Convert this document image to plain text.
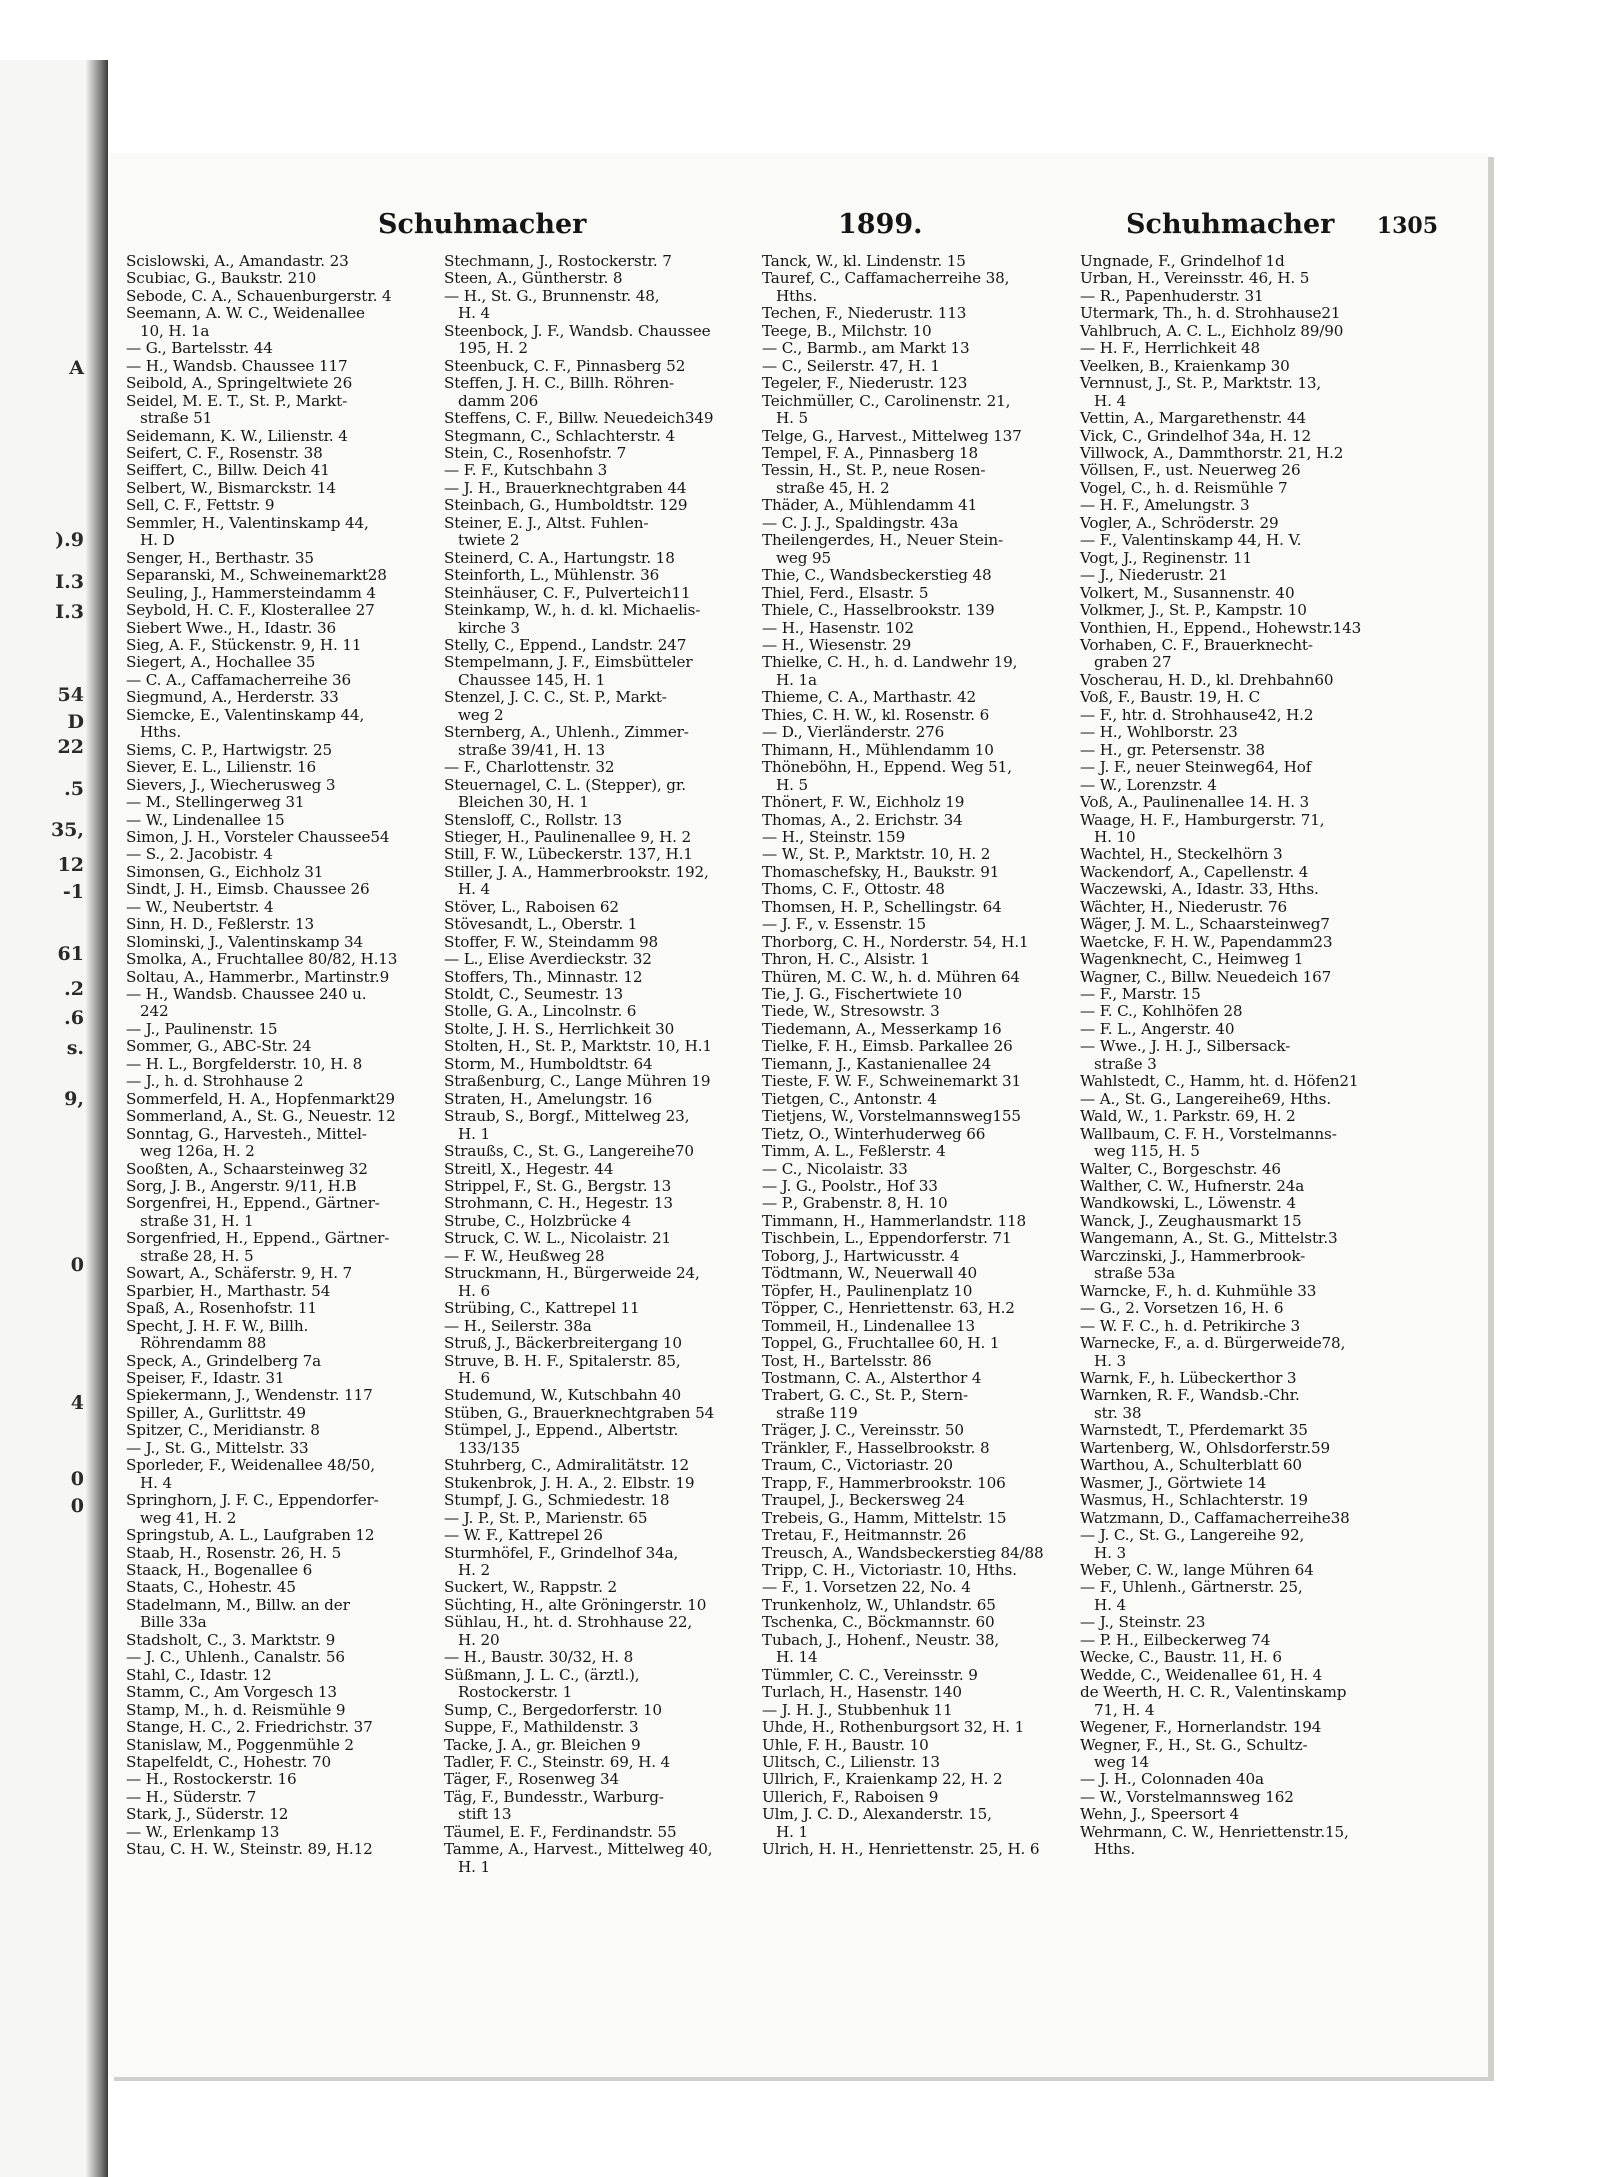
A
).9
I.3
I.3
54
D
22
.5
35,
12
-1
61
.2
.6
s.
9,
0
4
0
0
Schuhmacher	1899.	Schuhmacher 1305
Scislowski, A., Amandastr. 23
Scubiac, G., Baukstr. 210
Sebode, C. A., Schauenburgerstr. 4
Seemann, A. W. C., Weidenallee
10, H. 1a
— G., Bartelsstr. 44
— H., Wandsb. Chaussee 117
Seibold, A., Springeltwiete 26
Seidel, M. E. T., St. P., Markt-
straße 51
Seidemann, K. W., Lilienstr. 4
Seifert, C. F., Rosenstr. 38
Seiffert, C., Billw. Deich 41
Selbert, W., Bismarckstr. 14
Sell, C. F., Fettstr. 9
Semmler, H., Valentinskamp 44,
H. D
Senger, H., Berthastr. 35
Separanski, M., Schweinemarkt28
Seuling, J., Hammersteindamm 4
Seybold, H. C. F., Klosterallee 27
Siebert Wwe., H., Idastr. 36
Sieg, A. F., Stückenstr. 9, H. 11
Siegert, A., Hochallee 35
— C. A., Caffamacherreihe 36
Siegmund, A., Herderstr. 33
Siemcke, E., Valentinskamp 44,
Hths.
Siems, C. P., Hartwigstr. 25
Siever, E. L., Lilienstr. 16
Sievers, J., Wiecherusweg 3
— M., Stellingerweg 31
— W., Lindenallee 15
Simon, J. H., Vorsteler Chaussee54
— S., 2. Jacobistr. 4
Simonsen, G., Eichholz 31
Sindt, J. H., Eimsb. Chaussee 26
— W., Neubertstr. 4
Sinn, H. D., Feßlerstr. 13
Slominski, J., Valentinskamp 34
Smolka, A., Fruchtallee 80/82, H.13
Soltau, A., Hammerbr., Martinstr.9
— H., Wandsb. Chaussee 240 u.
242
— J., Paulinenstr. 15
Sommer, G., ABC-Str. 24
— H. L., Borgfelderstr. 10, H. 8
— J., h. d. Strohhause 2
Sommerfeld, H. A., Hopfenmarkt29
Sommerland, A., St. G., Neuestr. 12
Sonntag, G., Harvesteh., Mittel-
weg 126a, H. 2
Sooßten, A., Schaarsteinweg 32
Sorg, J. B., Angerstr. 9/11, H.B
Sorgenfrei, H., Eppend., Gärtner-
straße 31, H. 1
Sorgenfried, H., Eppend., Gärtner-
straße 28, H. 5
Sowart, A., Schäferstr. 9, H. 7
Sparbier, H., Marthastr. 54
Spaß, A., Rosenhofstr. 11
Specht, J. H. F. W., Billh.
Röhrendamm 88
Speck, A., Grindelberg 7a
Speiser, F., Idastr. 31
Spiekermann, J., Wendenstr. 117
Spiller, A., Gurlittstr. 49
Spitzer, C., Meridianstr. 8
— J., St. G., Mittelstr. 33
Sporleder, F., Weidenallee 48/50,
H. 4
Springhorn, J. F. C., Eppendorfer-
weg 41, H. 2
Springstub, A. L., Laufgraben 12
Staab, H., Rosenstr. 26, H. 5
Staack, H., Bogenallee 6
Staats, C., Hohestr. 45
Stadelmann, M., Billw. an der
Bille 33a
Stadsholt, C., 3. Marktstr. 9
— J. C., Uhlenh., Canalstr. 56
Stahl, C., Idastr. 12
Stamm, C., Am Vorgesch 13
Stamp, M., h. d. Reismühle 9
Stange, H. C., 2. Friedrichstr. 37
Stanislaw, M., Poggenmühle 2
Stapelfeldt, C., Hohestr. 70
— H., Rostockerstr. 16
— H., Süderstr. 7
Stark, J., Süderstr. 12
— W., Erlenkamp 13
Stau, C. H. W., Steinstr. 89, H.12
Stechmann, J., Rostockerstr. 7
Steen, A., Güntherstr. 8
— H., St. G., Brunnenstr. 48,
H. 4
Steenbock, J. F., Wandsb. Chaussee
195, H. 2
Steenbuck, C. F., Pinnasberg 52
Steffen, J. H. C., Billh. Röhren-
damm 206
Steffens, C. F., Billw. Neuedeich349
Stegmann, C., Schlachterstr. 4
Stein, C., Rosenhofstr. 7
— F. F., Kutschbahn 3
— J. H., Brauerknechtgraben 44
Steinbach, G., Humboldtstr. 129
Steiner, E. J., Altst. Fuhlen-
twiete 2
Steinerd, C. A., Hartungstr. 18
Steinforth, L., Mühlenstr. 36
Steinhäuser, C. F., Pulverteich11
Steinkamp, W., h. d. kl. Michaelis-
kirche 3
Stelly, C., Eppend., Landstr. 247
Stempelmann, J. F., Eimsbütteler
Chaussee 145, H. 1
Stenzel, J. C. C., St. P., Markt-
weg 2
Sternberg, A., Uhlenh., Zimmer-
straße 39/41, H. 13
— F., Charlottenstr. 32
Steuernagel, C. L. (Stepper), gr.
Bleichen 30, H. 1
Stensloff, C., Rollstr. 13
Stieger, H., Paulinenallee 9, H. 2
Still, F. W., Lübeckerstr. 137, H.1
Stiller, J. A., Hammerbrookstr. 192,
H. 4
Stöver, L., Raboisen 62
Stövesandt, L., Oberstr. 1
Stoffer, F. W., Steindamm 98
— L., Elise Averdieckstr. 32
Stoffers, Th., Minnastr. 12
Stoldt, C., Seumestr. 13
Stolle, G. A., Lincolnstr. 6
Stolte, J. H. S., Herrlichkeit 30
Stolten, H., St. P., Marktstr. 10, H.1
Storm, M., Humboldtstr. 64
Straßenburg, C., Lange Mühren 19
Straten, H., Amelungstr. 16
Straub, S., Borgf., Mittelweg 23,
H. 1
Straußs, C., St. G., Langereihe70
Streitl, X., Hegestr. 44
Strippel, F., St. G., Bergstr. 13
Strohmann, C. H., Hegestr. 13
Strube, C., Holzbrücke 4
Struck, C. W. L., Nicolaistr. 21
— F. W., Heußweg 28
Struckmann, H., Bürgerweide 24,
H. 6
Strübing, C., Kattrepel 11
— H., Seilerstr. 38a
Struß, J., Bäckerbreitergang 10
Struve, B. H. F., Spitalerstr. 85,
H. 6
Studemund, W., Kutschbahn 40
Stüben, G., Brauerknechtgraben 54
Stümpel, J., Eppend., Albertstr.
133/135
Stuhrberg, C., Admiralitätstr. 12
Stukenbrok, J. H. A., 2. Elbstr. 19
Stumpf, J. G., Schmiedestr. 18
— J. P., St. P., Marienstr. 65
— W. F., Kattrepel 26
Sturmhöfel, F., Grindelhof 34a,
H. 2
Suckert, W., Rappstr. 2
Süchting, H., alte Gröningerstr. 10
Sühlau, H., ht. d. Strohhause 22,
H. 20
— H., Baustr. 30/32, H. 8
Süßmann, J. L. C., (ärztl.),
Rostockerstr. 1
Sump, C., Bergedorferstr. 10
Suppe, F., Mathildenstr. 3
Tacke, J. A., gr. Bleichen 9
Tadler, F. C., Steinstr. 69, H. 4
Täger, F., Rosenweg 34
Täg, F., Bundesstr., Warburg-
stift 13
Täumel, E. F., Ferdinandstr. 55
Tamme, A., Harvest., Mittelweg 40,
H. 1
Tanck, W., kl. Lindenstr. 15
Tauref, C., Caffamacherreihe 38,
Hths.
Techen, F., Niederustr. 113
Teege, B., Milchstr. 10
— C., Barmb., am Markt 13
— C., Seilerstr. 47, H. 1
Tegeler, F., Niederustr. 123
Teichmüller, C., Carolinenstr. 21,
H. 5
Telge, G., Harvest., Mittelweg 137
Tempel, F. A., Pinnasberg 18
Tessin, H., St. P., neue Rosen-
straße 45, H. 2
Thäder, A., Mühlendamm 41
— C. J. J., Spaldingstr. 43a
Theilengerdes, H., Neuer Stein-
weg 95
Thie, C., Wandsbeckerstieg 48
Thiel, Ferd., Elsastr. 5
Thiele, C., Hasselbrookstr. 139
— H., Hasenstr. 102
— H., Wiesenstr. 29
Thielke, C. H., h. d. Landwehr 19,
H. 1a
Thieme, C. A., Marthastr. 42
Thies, C. H. W., kl. Rosenstr. 6
— D., Vierländerstr. 276
Thimann, H., Mühlendamm 10
Thöneböhn, H., Eppend. Weg 51,
H. 5
Thönert, F. W., Eichholz 19
Thomas, A., 2. Erichstr. 34
— H., Steinstr. 159
— W., St. P., Marktstr. 10, H. 2
Thomaschefsky, H., Baukstr. 91
Thoms, C. F., Ottostr. 48
Thomsen, H. P., Schellingstr. 64
— J. F., v. Essenstr. 15
Thorborg, C. H., Norderstr. 54, H.1
Thron, H. C., Alsistr. 1
Thüren, M. C. W., h. d. Mühren 64
Tie, J. G., Fischertwiete 10
Tiede, W., Stresowstr. 3
Tiedemann, A., Messerkamp 16
Tielke, F. H., Eimsb. Parkallee 26
Tiemann, J., Kastanienallee 24
Tieste, F. W. F., Schweinemarkt 31
Tietgen, C., Antonstr. 4
Tietjens, W., Vorstelmannsweg155
Tietz, O., Winterhuderweg 66
Timm, A. L., Feßlerstr. 4
— C., Nicolaistr. 33
— J. G., Poolstr., Hof 33
— P., Grabenstr. 8, H. 10
Timmann, H., Hammerlandstr. 118
Tischbein, L., Eppendorferstr. 71
Toborg, J., Hartwicusstr. 4
Tödtmann, W., Neuerwall 40
Töpfer, H., Paulinenplatz 10
Töpper, C., Henriettenstr. 63, H.2
Tommeil, H., Lindenallee 13
Toppel, G., Fruchtallee 60, H. 1
Tost, H., Bartelsstr. 86
Tostmann, C. A., Alsterthor 4
Trabert, G. C., St. P., Stern-
straße 119
Träger, J. C., Vereinsstr. 50
Tränkler, F., Hasselbrookstr. 8
Traum, C., Victoriastr. 20
Trapp, F., Hammerbrookstr. 106
Traupel, J., Beckersweg 24
Trebeis, G., Hamm, Mittelstr. 15
Tretau, F., Heitmannstr. 26
Treusch, A., Wandsbeckerstieg 84/88
Tripp, C. H., Victoriastr. 10, Hths.
— F., 1. Vorsetzen 22, No. 4
Trunkenholz, W., Uhlandstr. 65
Tschenka, C., Böckmannstr. 60
Tubach, J., Hohenf., Neustr. 38,
H. 14
Tümmler, C. C., Vereinsstr. 9
Turlach, H., Hasenstr. 140
— J. H. J., Stubbenhuk 11
Uhde, H., Rothenburgsort 32, H. 1
Uhle, F. H., Baustr. 10
Ulitsch, C., Lilienstr. 13
Ullrich, F., Kraienkamp 22, H. 2
Ullerich, F., Raboisen 9
Ulm, J. C. D., Alexanderstr. 15,
H. 1
Ulrich, H. H., Henriettenstr. 25, H. 6
Ungnade, F., Grindelhof 1d
Urban, H., Vereinsstr. 46, H. 5
— R., Papenhuderstr. 31
Utermark, Th., h. d. Strohhause21
Vahlbruch, A. C. L., Eichholz 89/90
— H. F., Herrlichkeit 48
Veelken, B., Kraienkamp 30
Vernnust, J., St. P., Marktstr. 13,
H. 4
Vettin, A., Margarethenstr. 44
Vick, C., Grindelhof 34a, H. 12
Villwock, A., Dammthorstr. 21, H.2
Völlsen, F., ust. Neuerweg 26
Vogel, C., h. d. Reismühle 7
— H. F., Amelungstr. 3
Vogler, A., Schröderstr. 29
— F., Valentinskamp 44, H. V.
Vogt, J., Reginenstr. 11
— J., Niederustr. 21
Volkert, M., Susannenstr. 40
Volkmer, J., St. P., Kampstr. 10
Vonthien, H., Eppend., Hohewstr.143
Vorhaben, C. F., Brauerknecht-
graben 27
Voscherau, H. D., kl. Drehbahn60
Voß, F., Baustr. 19, H. C
— F., htr. d. Strohhause42, H.2
— H., Wohlborstr. 23
— H., gr. Petersenstr. 38
— J. F., neuer Steinweg64, Hof
— W., Lorenzstr. 4
Voß, A., Paulinenallee 14. H. 3
Waage, H. F., Hamburgerstr. 71,
H. 10
Wachtel, H., Steckelhörn 3
Wackendorf, A., Capellenstr. 4
Waczewski, A., Idastr. 33, Hths.
Wächter, H., Niederustr. 76
Wäger, J. M. L., Schaarsteinweg7
Waetcke, F. H. W., Papendamm23
Wagenknecht, C., Heimweg 1
Wagner, C., Billw. Neuedeich 167
— F., Marstr. 15
— F. C., Kohlhöfen 28
— F. L., Angerstr. 40
— Wwe., J. H. J., Silbersack-
straße 3
Wahlstedt, C., Hamm, ht. d. Höfen21
— A., St. G., Langereihe69, Hths.
Wald, W., 1. Parkstr. 69, H. 2
Wallbaum, C. F. H., Vorstelmanns-
weg 115, H. 5
Walter, C., Borgeschstr. 46
Walther, C. W., Hufnerstr. 24a
Wandkowski, L., Löwenstr. 4
Wanck, J., Zeughausmarkt 15
Wangemann, A., St. G., Mittelstr.3
Warczinski, J., Hammerbrook-
straße 53a
Warncke, F., h. d. Kuhmühle 33
— G., 2. Vorsetzen 16, H. 6
— W. F. C., h. d. Petrikirche 3
Warnecke, F., a. d. Bürgerweide78,
H. 3
Warnk, F., h. Lübeckerthor 3
Warnken, R. F., Wandsb.-Chr.
str. 38
Warnstedt, T., Pferdemarkt 35
Wartenberg, W., Ohlsdorferstr.59
Warthou, A., Schulterblatt 60
Wasmer, J., Görtwiete 14
Wasmus, H., Schlachterstr. 19
Watzmann, D., Caffamacherreihe38
— J. C., St. G., Langereihe 92,
H. 3
Weber, C. W., lange Mühren 64
— F., Uhlenh., Gärtnerstr. 25,
H. 4
— J., Steinstr. 23
— P. H., Eilbeckerweg 74
Wecke, C., Baustr. 11, H. 6
Wedde, C., Weidenallee 61, H. 4
de Weerth, H. C. R., Valentinskamp
71, H. 4
Wegener, F., Hornerlandstr. 194
Wegner, F., H., St. G., Schultz-
weg 14
— J. H., Colonnaden 40a
— W., Vorstelmannsweg 162
Wehn, J., Speersort 4
Wehrmann, C. W., Henriettenstr.15,
Hths.
